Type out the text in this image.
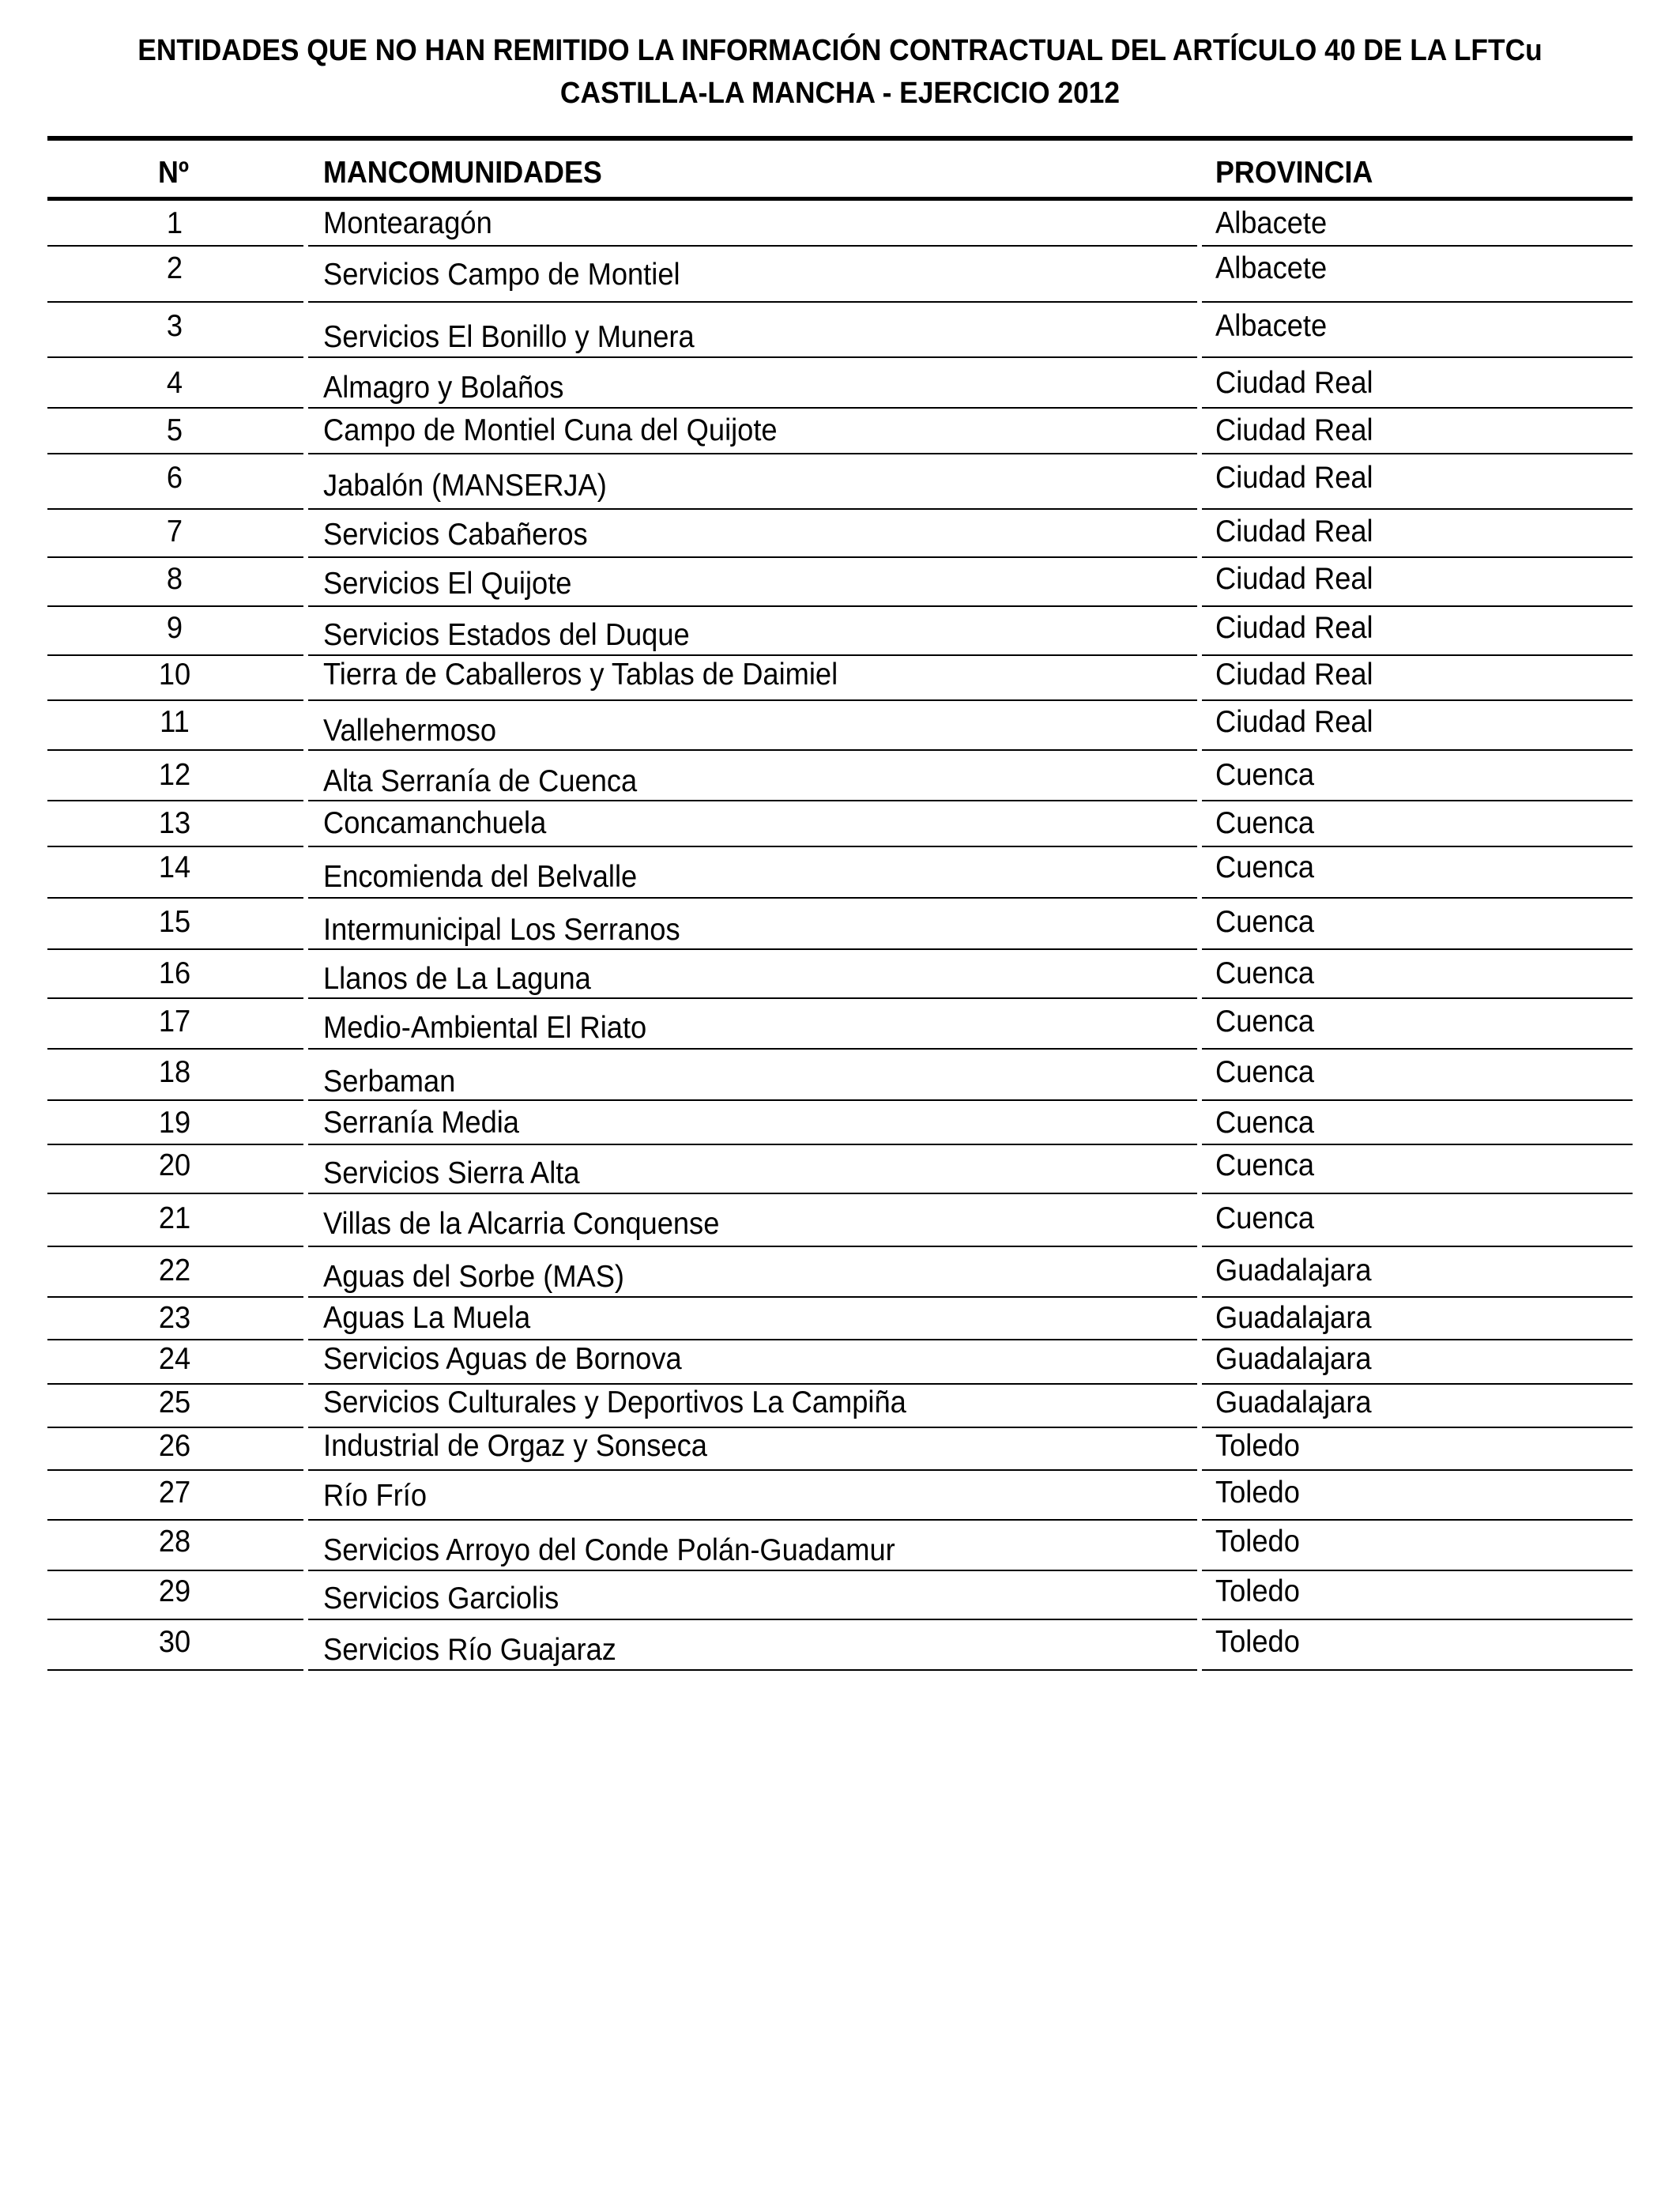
ENTIDADES QUE NO HAN REMITIDO LA INFORMACIÓN CONTRACTUAL DEL ARTÍCULO 40 DE LA LFTCu
CASTILLA-LA MANCHA - EJERCICIO 2012
Nº	MANCOMUNIDADES	PROVINCIA
1	Montearagón	Albacete
2	Servicios Campo de Montiel	Albacete
3	Servicios El Bonillo y Munera	Albacete
4	Almagro y Bolaños	Ciudad Real
5	Campo de Montiel Cuna del Quijote	Ciudad Real
6	Jabalón (MANSERJA)	Ciudad Real
7	Servicios Cabañeros	Ciudad Real
8	Servicios El Quijote	Ciudad Real
9	Servicios Estados del Duque	Ciudad Real
10	Tierra de Caballeros y Tablas de Daimiel	Ciudad Real
11	Vallehermoso	Ciudad Real
12	Alta Serranía de Cuenca	Cuenca
13	Concamanchuela	Cuenca
14	Encomienda del Belvalle	Cuenca
15	Intermunicipal Los Serranos	Cuenca
16	Llanos de La Laguna	Cuenca
17	Medio-Ambiental El Riato	Cuenca
18	Serbaman	Cuenca
19	Serranía Media	Cuenca
20	Servicios Sierra Alta	Cuenca
21	Villas de la Alcarria Conquense	Cuenca
22	Aguas del Sorbe (MAS)	Guadalajara
23	Aguas La Muela	Guadalajara
24	Servicios Aguas de Bornova	Guadalajara
25	Servicios Culturales y Deportivos La Campiña	Guadalajara
26	Industrial de Orgaz y Sonseca	Toledo
27	Río Frío	Toledo
28	Servicios Arroyo del Conde Polán-Guadamur	Toledo
29	Servicios Garciolis	Toledo
30	Servicios Río Guajaraz	Toledo
